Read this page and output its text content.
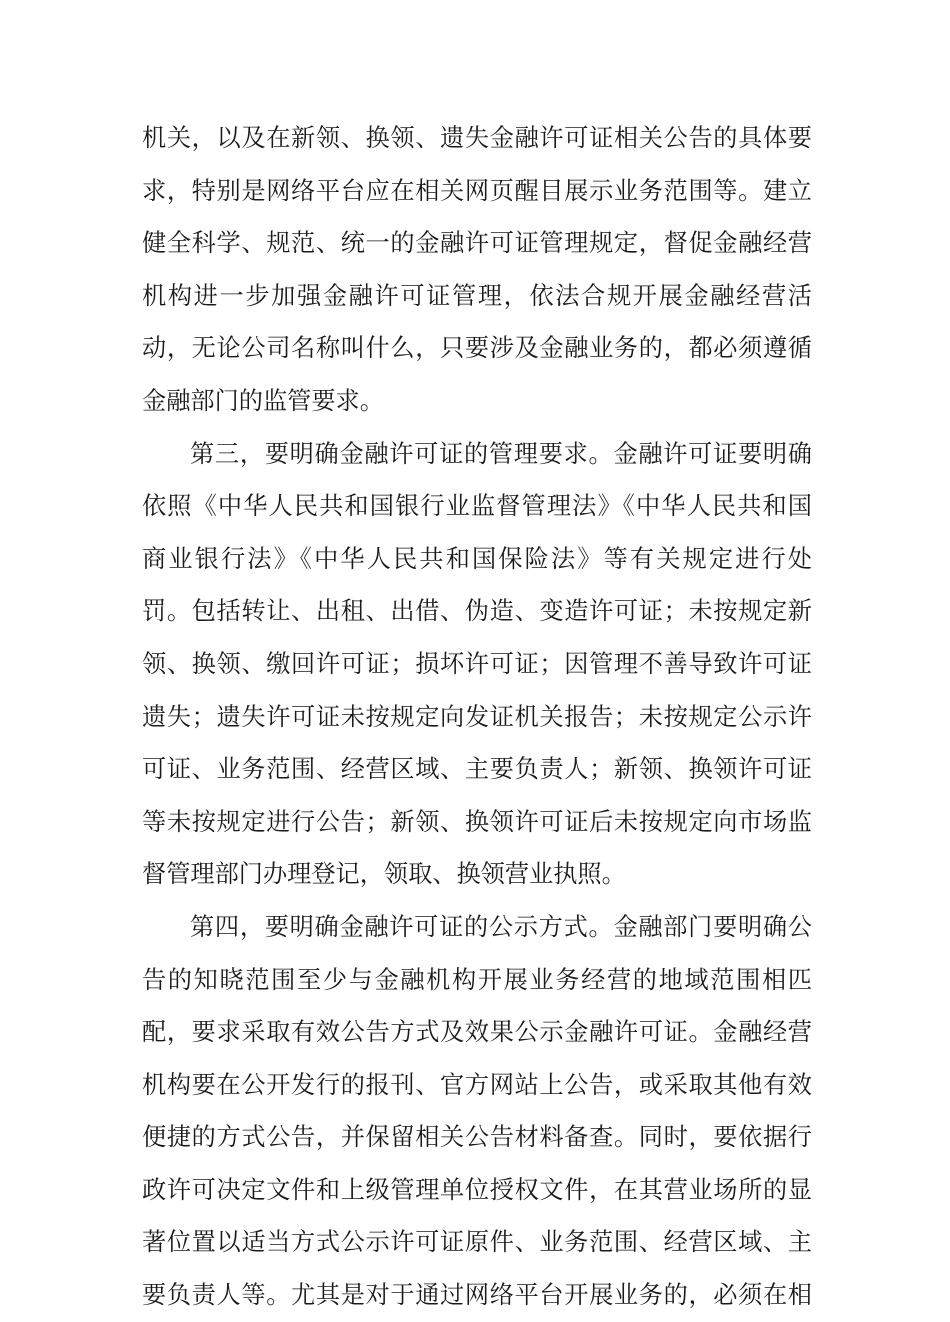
机关，以及在新领、换领、遗失金融许可证相关公告的具体要
求，特别是网络平台应在相关网页醒目展示业务范围等。建立
健全科学、规范、统一的金融许可证管理规定，督促金融经营
机构进一步加强金融许可证管理，依法合规开展金融经营活
动，无论公司名称叫什么，只要涉及金融业务的，都必须遵循
金融部门的监管要求。
第三，要明确金融许可证的管理要求。金融许可证要明确
依照《中华人民共和国银行业监督管理法》《中华人民共和国
商业银行法》《中华人民共和国保险法》等有关规定进行处
罚。包括转让、出租、出借、伪造、变造许可证；未按规定新
领、换领、缴回许可证；损坏许可证；因管理不善导致许可证
遗失；遗失许可证未按规定向发证机关报告；未按规定公示许
可证、业务范围、经营区域、主要负责人；新领、换领许可证
等未按规定进行公告；新领、换领许可证后未按规定向市场监
督管理部门办理登记，领取、换领营业执照。
第四，要明确金融许可证的公示方式。金融部门要明确公
告的知晓范围至少与金融机构开展业务经营的地域范围相匹
配，要求采取有效公告方式及效果公示金融许可证。金融经营
机构要在公开发行的报刊、官方网站上公告，或采取其他有效
便捷的方式公告，并保留相关公告材料备查。同时，要依据行
政许可决定文件和上级管理单位授权文件，在其营业场所的显
著位置以适当方式公示许可证原件、业务范围、经营区域、主
要负责人等。尤其是对于通过网络平台开展业务的，必须在相
